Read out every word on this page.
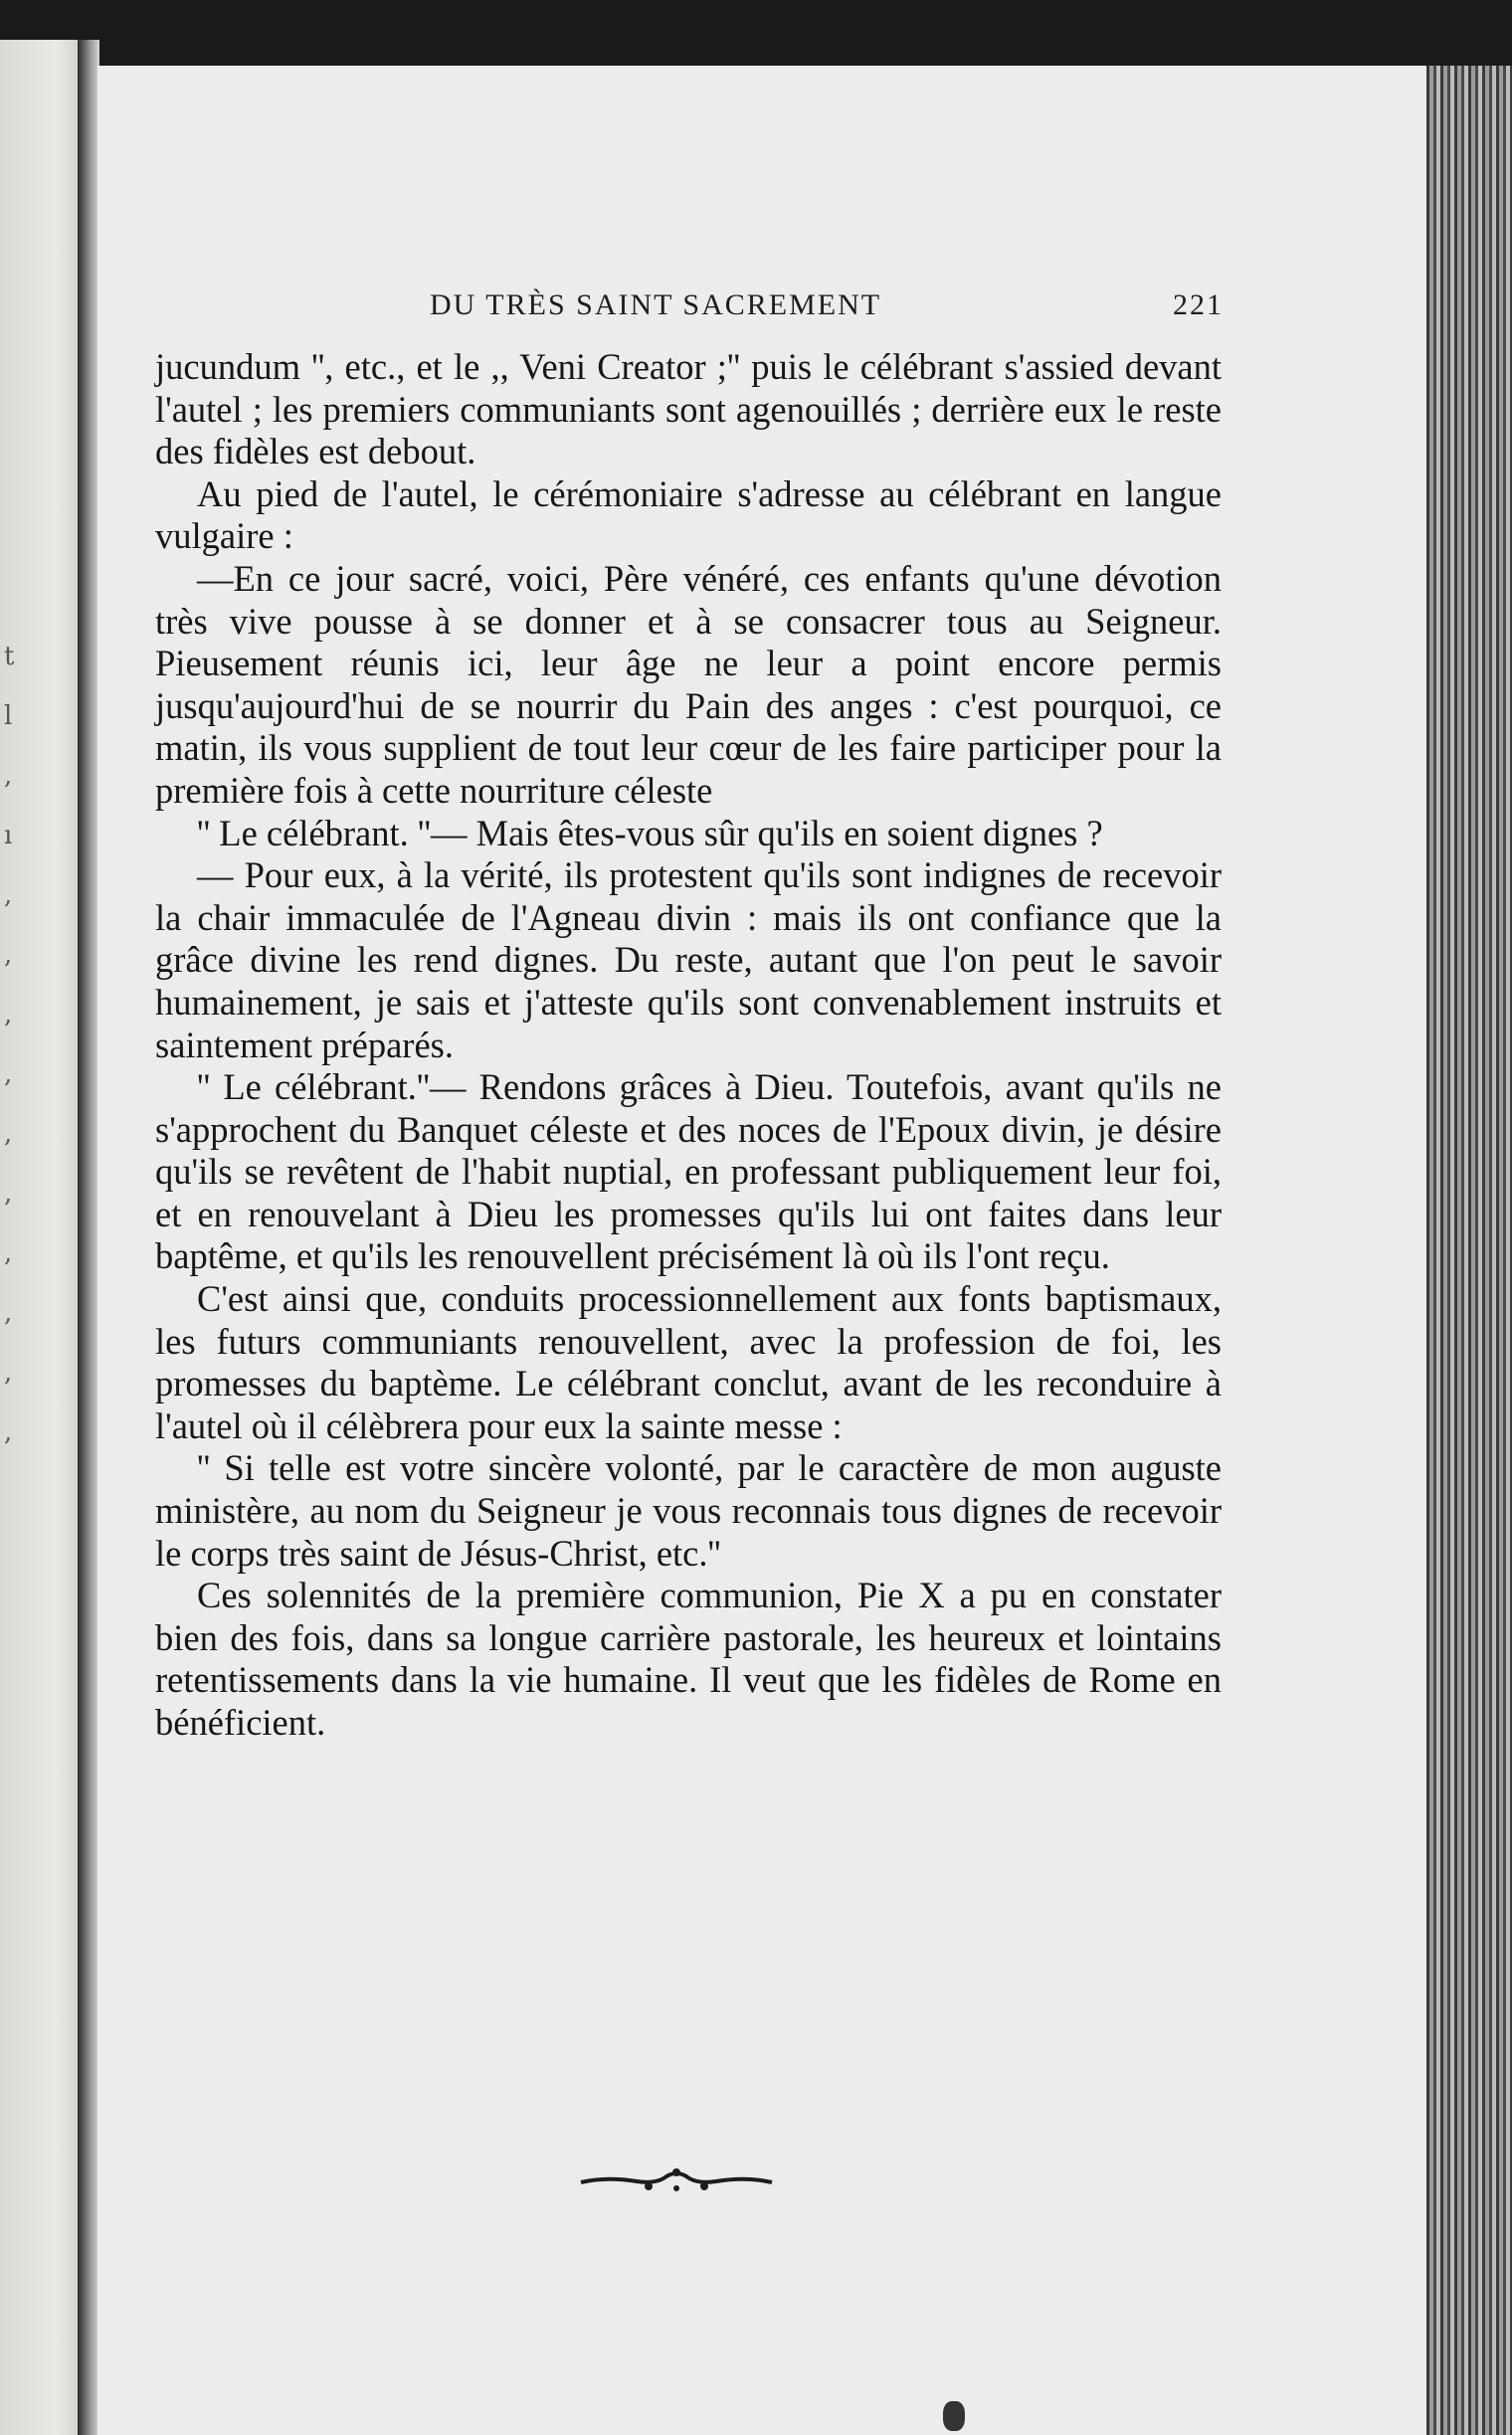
t
l
,
ı
,
,
,
,
,
,
,
,
,
,
DU TRÈS SAINT SACREMENT	221

jucundum '', etc., et le ,, Veni Creator ;'' puis le célébrant s'assied devant l'autel ; les premiers communiants sont agenouillés ; derrière eux le reste des fidèles est debout.

Au pied de l'autel, le cérémoniaire s'adresse au célébrant en langue vulgaire :

—En ce jour sacré, voici, Père vénéré, ces enfants qu'une dévotion très vive pousse à se donner et à se consacrer tous au Seigneur. Pieusement réunis ici, leur âge ne leur a point encore permis jusqu'aujourd'hui de se nourrir du Pain des anges : c'est pourquoi, ce matin, ils vous supplient de tout leur cœur de les faire participer pour la première fois à cette nourriture céleste

'' Le célébrant. ''— Mais êtes-vous sûr qu'ils en soient dignes ?

— Pour eux, à la vérité, ils protestent qu'ils sont indignes de recevoir la chair immaculée de l'Agneau divin : mais ils ont confiance que la grâce divine les rend dignes. Du reste, autant que l'on peut le savoir humainement, je sais et j'atteste qu'ils sont convenablement instruits et saintement préparés.

'' Le célébrant.''— Rendons grâces à Dieu. Toutefois, avant qu'ils ne s'approchent du Banquet céleste et des noces de l'Epoux divin, je désire qu'ils se revêtent de l'habit nuptial, en professant publiquement leur foi, et en renouvelant à Dieu les promesses qu'ils lui ont faites dans leur baptême, et qu'ils les renouvellent précisément là où ils l'ont reçu.

C'est ainsi que, conduits processionnellement aux fonts baptismaux, les futurs communiants renouvellent, avec la profession de foi, les promesses du baptème. Le célébrant conclut, avant de les reconduire à l'autel où il célèbrera pour eux la sainte messe :

'' Si telle est votre sincère volonté, par le caractère de mon auguste ministère, au nom du Seigneur je vous reconnais tous dignes de recevoir le corps très saint de Jésus-Christ, etc.''

Ces solennités de la première communion, Pie X a pu en constater bien des fois, dans sa longue carrière pastorale, les heureux et lointains retentissements dans la vie humaine. Il veut que les fidèles de Rome en bénéficient.
